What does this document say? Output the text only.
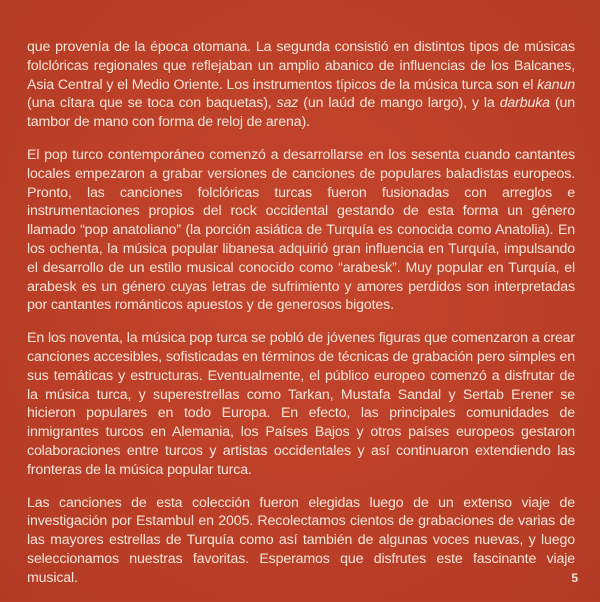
que provenía de la época otomana. La segunda consistió en distintos tipos de músicas folclóricas regionales que reflejaban un amplio abanico de influencias de los Balcanes, Asia Central y el Medio Oriente. Los instrumentos típicos de la música turca son el kanun (una cítara que se toca con baquetas), saz (un laúd de mango largo), y la darbuka (un tambor de mano con forma de reloj de arena).

El pop turco contemporáneo comenzó a desarrollarse en los sesenta cuando cantantes locales empezaron a grabar versiones de canciones de populares baladistas europeos. Pronto, las canciones folclóricas turcas fueron fusionadas con arreglos e instrumentaciones propios del rock occidental gestando de esta forma un género llamado “pop anatoliano” (la porción asiática de Turquía es conocida como Anatolia). En los ochenta, la música popular libanesa adquirió gran influencia en Turquía, impulsando el desarrollo de un estilo musical conocido como “arabesk”. Muy popular en Turquía, el arabesk es un género cuyas letras de sufrimiento y amores perdidos son interpretadas por cantantes románticos apuestos y de generosos bigotes.

En los noventa, la música pop turca se pobló de jóvenes figuras que comenzaron a crear canciones accesibles, sofisticadas en términos de técnicas de grabación pero simples en sus temáticas y estructuras. Eventualmente, el público europeo comenzó a disfrutar de la música turca, y superestrellas como Tarkan, Mustafa Sandal y Sertab Erener se hicieron populares en todo Europa. En efecto, las principales comunidades de inmigrantes turcos en Alemania, los Países Bajos y otros países europeos gestaron colaboraciones entre turcos y artistas occidentales y así continuaron extendiendo las fronteras de la música popular turca.

Las canciones de esta colección fueron elegidas luego de un extenso viaje de investigación por Estambul en 2005. Recolectamos cientos de grabaciones de varias de las mayores estrellas de Turquía como así también de algunas voces nuevas, y luego seleccionamos nuestras favoritas. Esperamos que disfrutes este fascinante viaje musical.	5
